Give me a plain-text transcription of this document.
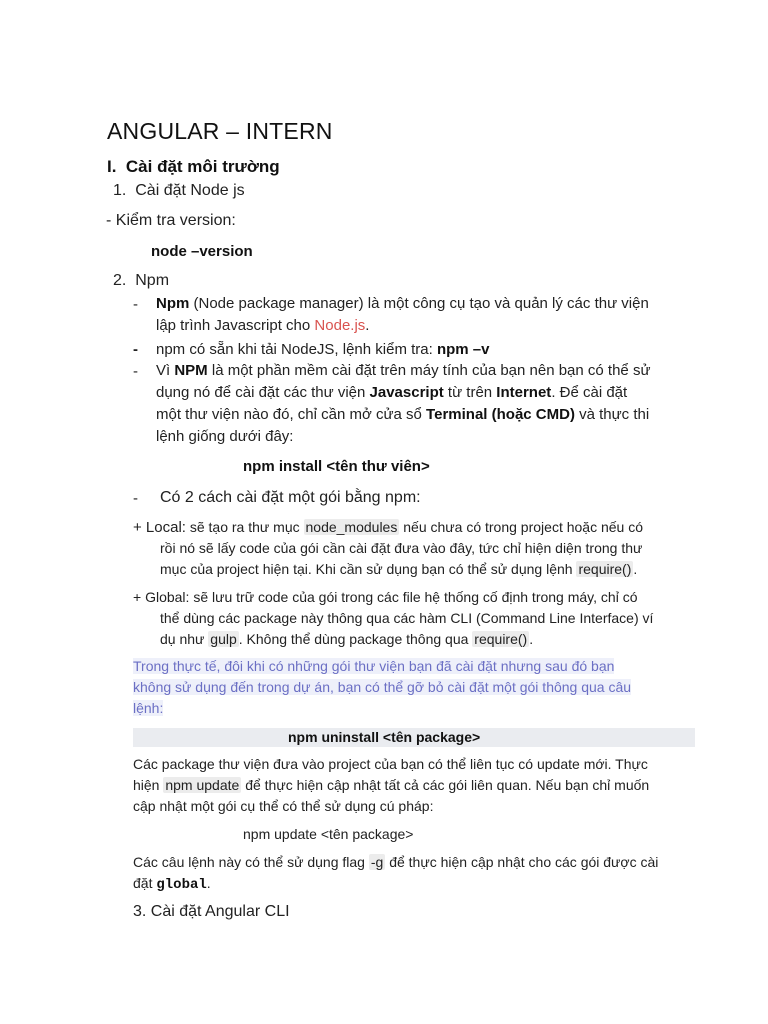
ANGULAR – INTERN
I. Cài đặt môi trường
1. Cài đặt Node js
- Kiểm tra version:
node –version
2. Npm
- Npm (Node package manager) là một công cụ tạo và quản lý các thư viện
lập trình Javascript cho Node.js.
- npm có sẵn khi tải NodeJS, lệnh kiểm tra: npm –v
- Vì NPM là một phần mềm cài đặt trên máy tính của bạn nên bạn có thể sử
dụng nó để cài đặt các thư viện Javascript từ trên Internet. Để cài đặt
một thư viện nào đó, chỉ cần mở cửa sổ Terminal (hoặc CMD) và thực thi
lệnh giống dưới đây:
npm install <tên thư viên>
- Có 2 cách cài đặt một gói bằng npm:
+ Local: sẽ tạo ra thư mục node_modules nếu chưa có trong project hoặc nếu có
rồi nó sẽ lấy code của gói cần cài đặt đưa vào đây, tức chỉ hiện diện trong thư
mục của project hiện tại. Khi cần sử dụng bạn có thể sử dụng lệnh require() .
+ Global: sẽ lưu trữ code của gói trong các file hệ thống cố định trong máy, chỉ có
thể dùng các package này thông qua các hàm CLI (Command Line Interface) ví
dụ như gulp . Không thể dùng package thông qua require() .
Trong thực tế, đôi khi có những gói thư viện bạn đã cài đặt nhưng sau đó bạn
không sử dụng đến trong dự án, bạn có thể gỡ bỏ cài đặt một gói thông qua câu
lệnh:
npm uninstall <tên package>
Các package thư viện đưa vào project của bạn có thể liên tục có update mới. Thực
hiện npm update để thực hiện cập nhật tất cả các gói liên quan. Nếu bạn chỉ muốn
cập nhật một gói cụ thể có thể sử dụng cú pháp:
npm update <tên package>
Các câu lệnh này có thể sử dụng flag -g để thực hiện cập nhật cho các gói được cài
đặt global.
3. Cài đặt Angular CLI
